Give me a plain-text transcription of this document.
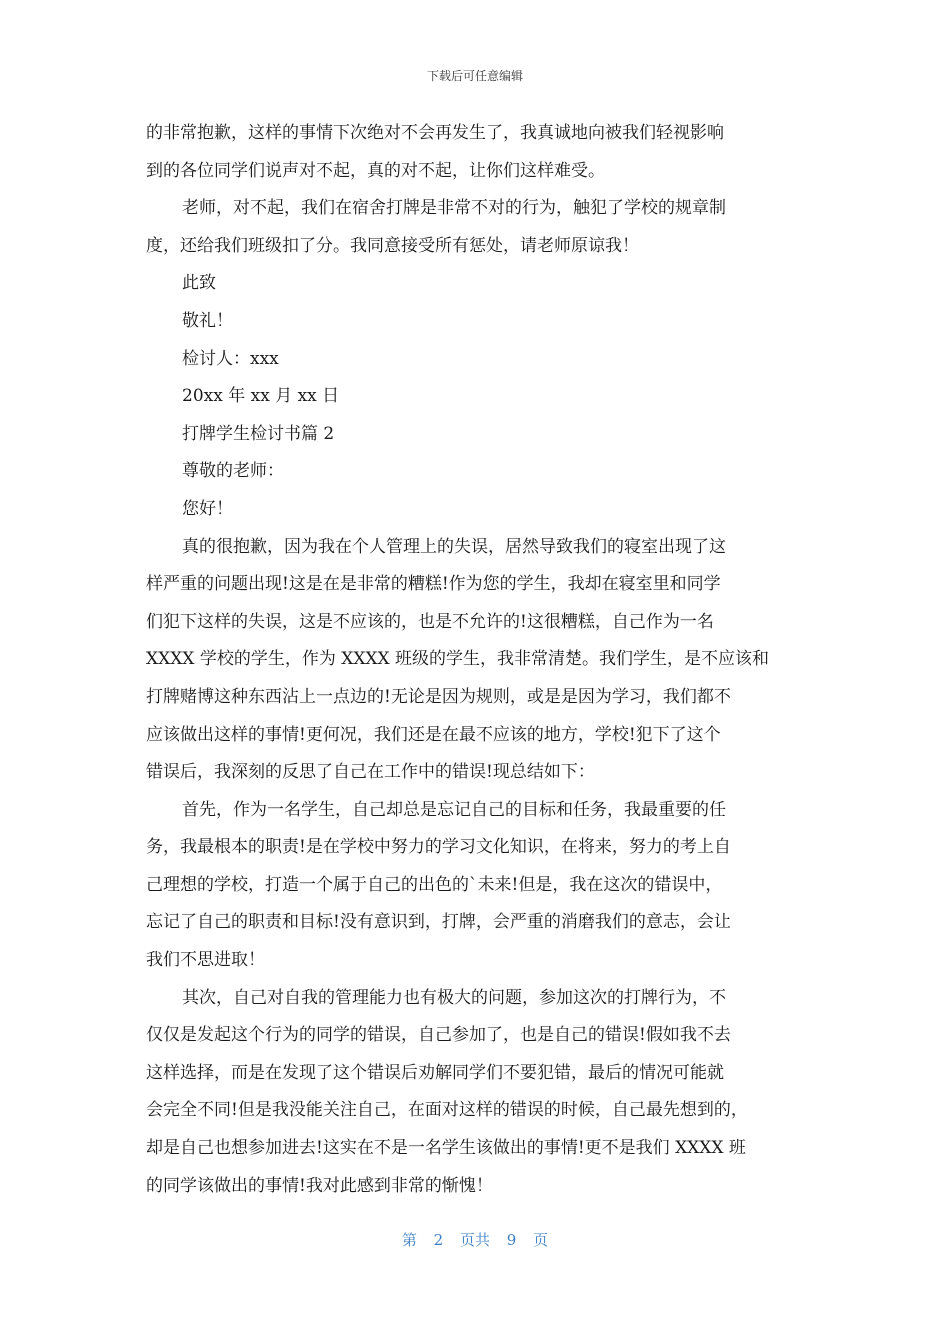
下载后可任意编辑
的非常抱歉，这样的事情下次绝对不会再发生了，我真诚地向被我们轻视影响
到的各位同学们说声对不起，真的对不起，让你们这样难受。
老师，对不起，我们在宿舍打牌是非常不对的行为，触犯了学校的规章制
度，还给我们班级扣了分。我同意接受所有惩处，请老师原谅我！
此致
敬礼！
检讨人：xxx
20xx 年 xx 月 xx 日
打牌学生检讨书篇 2
尊敬的老师：
您好！
真的很抱歉，因为我在个人管理上的失误，居然导致我们的寝室出现了这
样严重的问题出现!这是在是非常的糟糕!作为您的学生，我却在寝室里和同学
们犯下这样的失误，这是不应该的，也是不允许的!这很糟糕，自己作为一名
XXXX 学校的学生，作为 XXXX 班级的学生，我非常清楚。我们学生，是不应该和
打牌赌博这种东西沾上一点边的!无论是因为规则，或是是因为学习，我们都不
应该做出这样的事情!更何况，我们还是在最不应该的地方，学校!犯下了这个
错误后，我深刻的反思了自己在工作中的错误!现总结如下：
首先，作为一名学生，自己却总是忘记自己的目标和任务，我最重要的任
务，我最根本的职责!是在学校中努力的学习文化知识，在将来，努力的考上自
己理想的学校，打造一个属于自己的出色的`未来!但是，我在这次的错误中，
忘记了自己的职责和目标!没有意识到，打牌，会严重的消磨我们的意志，会让
我们不思进取！
其次，自己对自我的管理能力也有极大的问题，参加这次的打牌行为，不
仅仅是发起这个行为的同学的错误，自己参加了，也是自己的错误!假如我不去
这样选择，而是在发现了这个错误后劝解同学们不要犯错，最后的情况可能就
会完全不同!但是我没能关注自己，在面对这样的错误的时候，自己最先想到的，
却是自己也想参加进去!这实在不是一名学生该做出的事情!更不是我们 XXXX 班
的同学该做出的事情!我对此感到非常的惭愧！
第 2 页共 9 页
